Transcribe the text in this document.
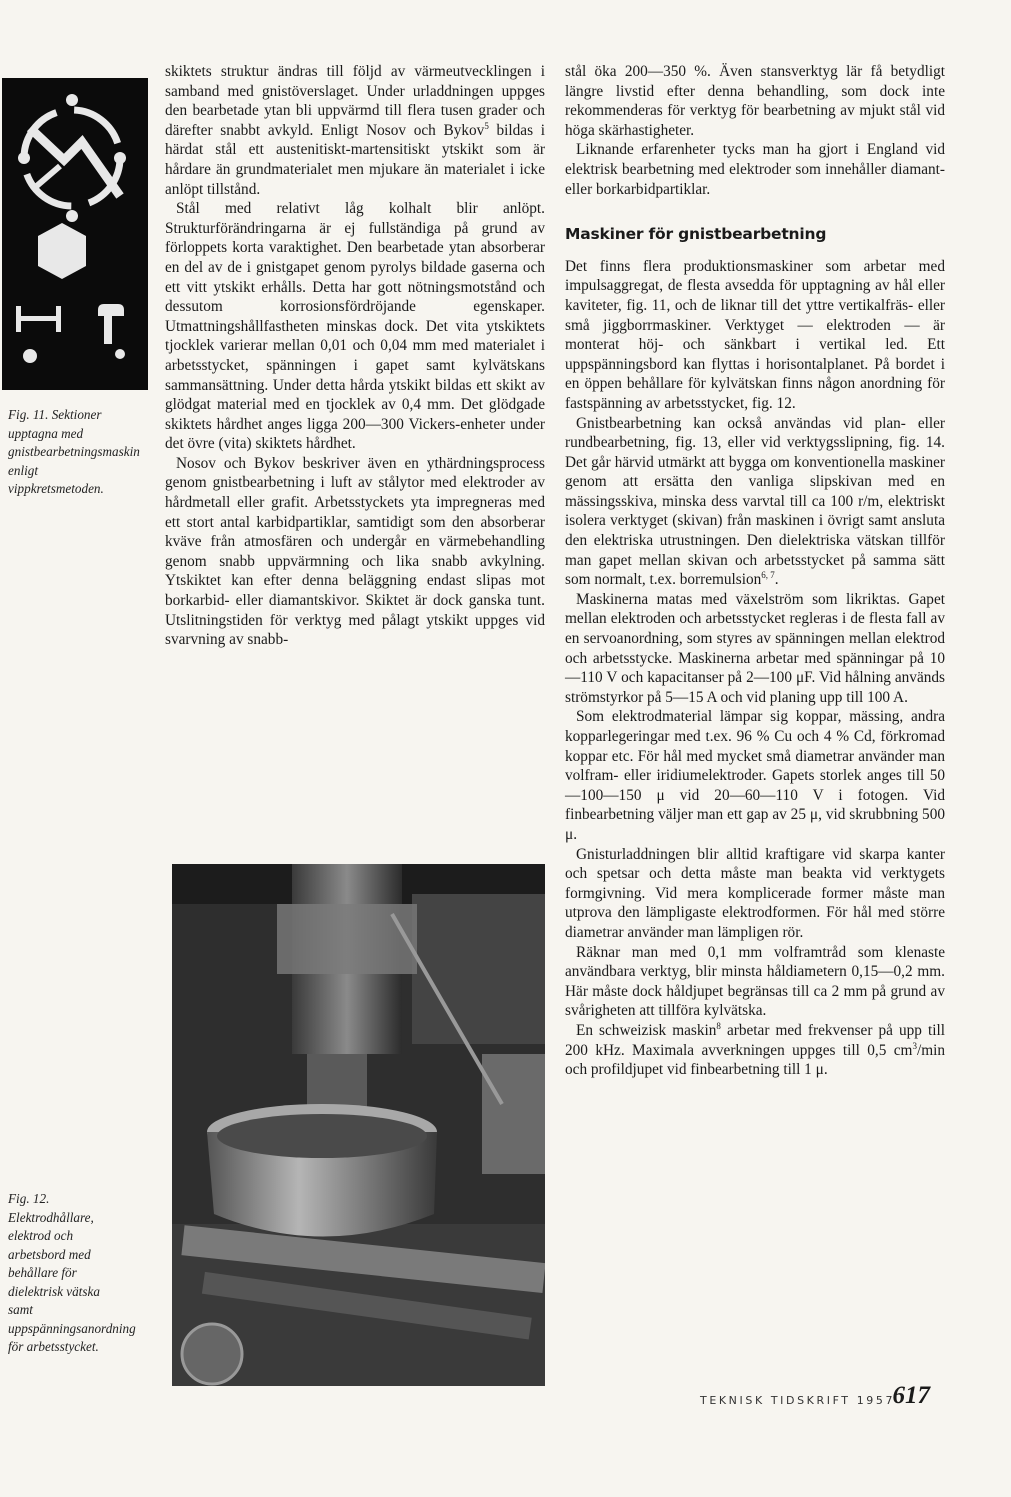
Fig. 11. Sektioner upptagna med gnistbearbetningsmaskin enligt vippkretsmetoden.

skiktets struktur ändras till följd av värmeutvecklingen i samband med gnistöverslaget. Under urladdningen uppges den bearbetade ytan bli uppvärmd till flera tusen grader och därefter snabbt avkyld. Enligt Nosov och Bykov$^5$ bildas i härdat stål ett austenitiskt-martensitiskt ytskikt som är hårdare än grundmaterialet men mjukare än materialet i icke anlöpt tillstånd.

Stål med relativt låg kolhalt blir anlöpt. Strukturförändringarna är ej fullständiga på grund av förloppets korta varaktighet. Den bearbetade ytan absorberar en del av de i gnistgapet genom pyrolys bildade gaserna och ett vitt ytskikt erhålls. Detta har gott nötningsmotstånd och dessutom korrosionsfördröjande egenskaper. Utmattningshållfastheten minskas dock. Det vita ytskiktets tjocklek varierar mellan 0,01 och 0,04 mm med materialet i arbetsstycket, spänningen i gapet samt kylvätskans sammansättning. Under detta hårda ytskikt bildas ett skikt av glödgat material med en tjocklek av 0,4 mm. Det glödgade skiktets hårdhet anges ligga 200—300 Vickers-enheter under det övre (vita) skiktets hårdhet.

Nosov och Bykov beskriver även en ythärdningsprocess genom gnistbearbetning i luft av stålytor med elektroder av hårdmetall eller grafit. Arbetsstyckets yta impregneras med ett stort antal karbidpartiklar, samtidigt som den absorberar kväve från atmosfären och undergår en värmebehandling genom snabb uppvärmning och lika snabb avkylning. Ytskiktet kan efter denna beläggning endast slipas mot borkarbid- eller diamantskivor. Skiktet är dock ganska tunt. Utslitningstiden för verktyg med pålagt ytskikt uppges vid svarvning av snabb-

Fig. 12. Elektrodhållare, elektrod och arbetsbord med behållare för dielektrisk vätska samt uppspänningsanordning för arbetsstycket.

stål öka 200—350 %. Även stansverktyg lär få betydligt längre livstid efter denna behandling, som dock inte rekommenderas för verktyg för bearbetning av mjukt stål vid höga skärhastigheter.

Liknande erfarenheter tycks man ha gjort i England vid elektrisk bearbetning med elektroder som innehåller diamant- eller borkarbidpartiklar.

Maskiner för gnistbearbetning

Det finns flera produktionsmaskiner som arbetar med impulsaggregat, de flesta avsedda för upptagning av hål eller kaviteter, fig. 11, och de liknar till det yttre vertikalfräs- eller små jiggborrmaskiner. Verktyget — elektroden — är monterat höj- och sänkbart i vertikal led. Ett uppspänningsbord kan flyttas i horisontalplanet. På bordet i en öppen behållare för kylvätskan finns någon anordning för fastspänning av arbetsstycket, fig. 12.

Gnistbearbetning kan också användas vid plan- eller rundbearbetning, fig. 13, eller vid verktygsslipning, fig. 14. Det går härvid utmärkt att bygga om konventionella maskiner genom att ersätta den vanliga slipskivan med en mässingsskiva, minska dess varvtal till ca 100 r/m, elektriskt isolera verktyget (skivan) från maskinen i övrigt samt ansluta den elektriska utrustningen. Den dielektriska vätskan tillför man gapet mellan skivan och arbetsstycket på samma sätt som normalt, t.ex. borremulsion$^{6, 7}$.

Maskinerna matas med växelström som likriktas. Gapet mellan elektroden och arbetsstycket regleras i de flesta fall av en servoanordning, som styres av spänningen mellan elektrod och arbetsstycke. Maskinerna arbetar med spänningar på 10—110 V och kapacitanser på 2—100 μF. Vid hålning används strömstyrkor på 5—15 A och vid planing upp till 100 A.

Som elektrodmaterial lämpar sig koppar, mässing, andra kopparlegeringar med t.ex. 96 % Cu och 4 % Cd, förkromad koppar etc. För hål med mycket små diametrar använder man volfram- eller iridiumelektroder. Gapets storlek anges till 50—100—150 μ vid 20—60—110 V i fotogen. Vid finbearbetning väljer man ett gap av 25 μ, vid skrubbning 500 μ.

Gnisturladdningen blir alltid kraftigare vid skarpa kanter och spetsar och detta måste man beakta vid verktygets formgivning. Vid mera komplicerade former måste man utprova den lämpligaste elektrodformen. För hål med större diametrar använder man lämpligen rör.

Räknar man med 0,1 mm volframtråd som klenaste användbara verktyg, blir minsta håldiametern 0,15—0,2 mm. Här måste dock håldjupet begränsas till ca 2 mm på grund av svårigheten att tillföra kylvätska.

En schweizisk maskin$^8$ arbetar med frekvenser på upp till 200 kHz. Maximala avverkningen uppges till 0,5 $cm^3/\min$ och profildjupet vid finbearbetning till 1 μ.

TEKNISK TIDSKRIFT 1957
617
